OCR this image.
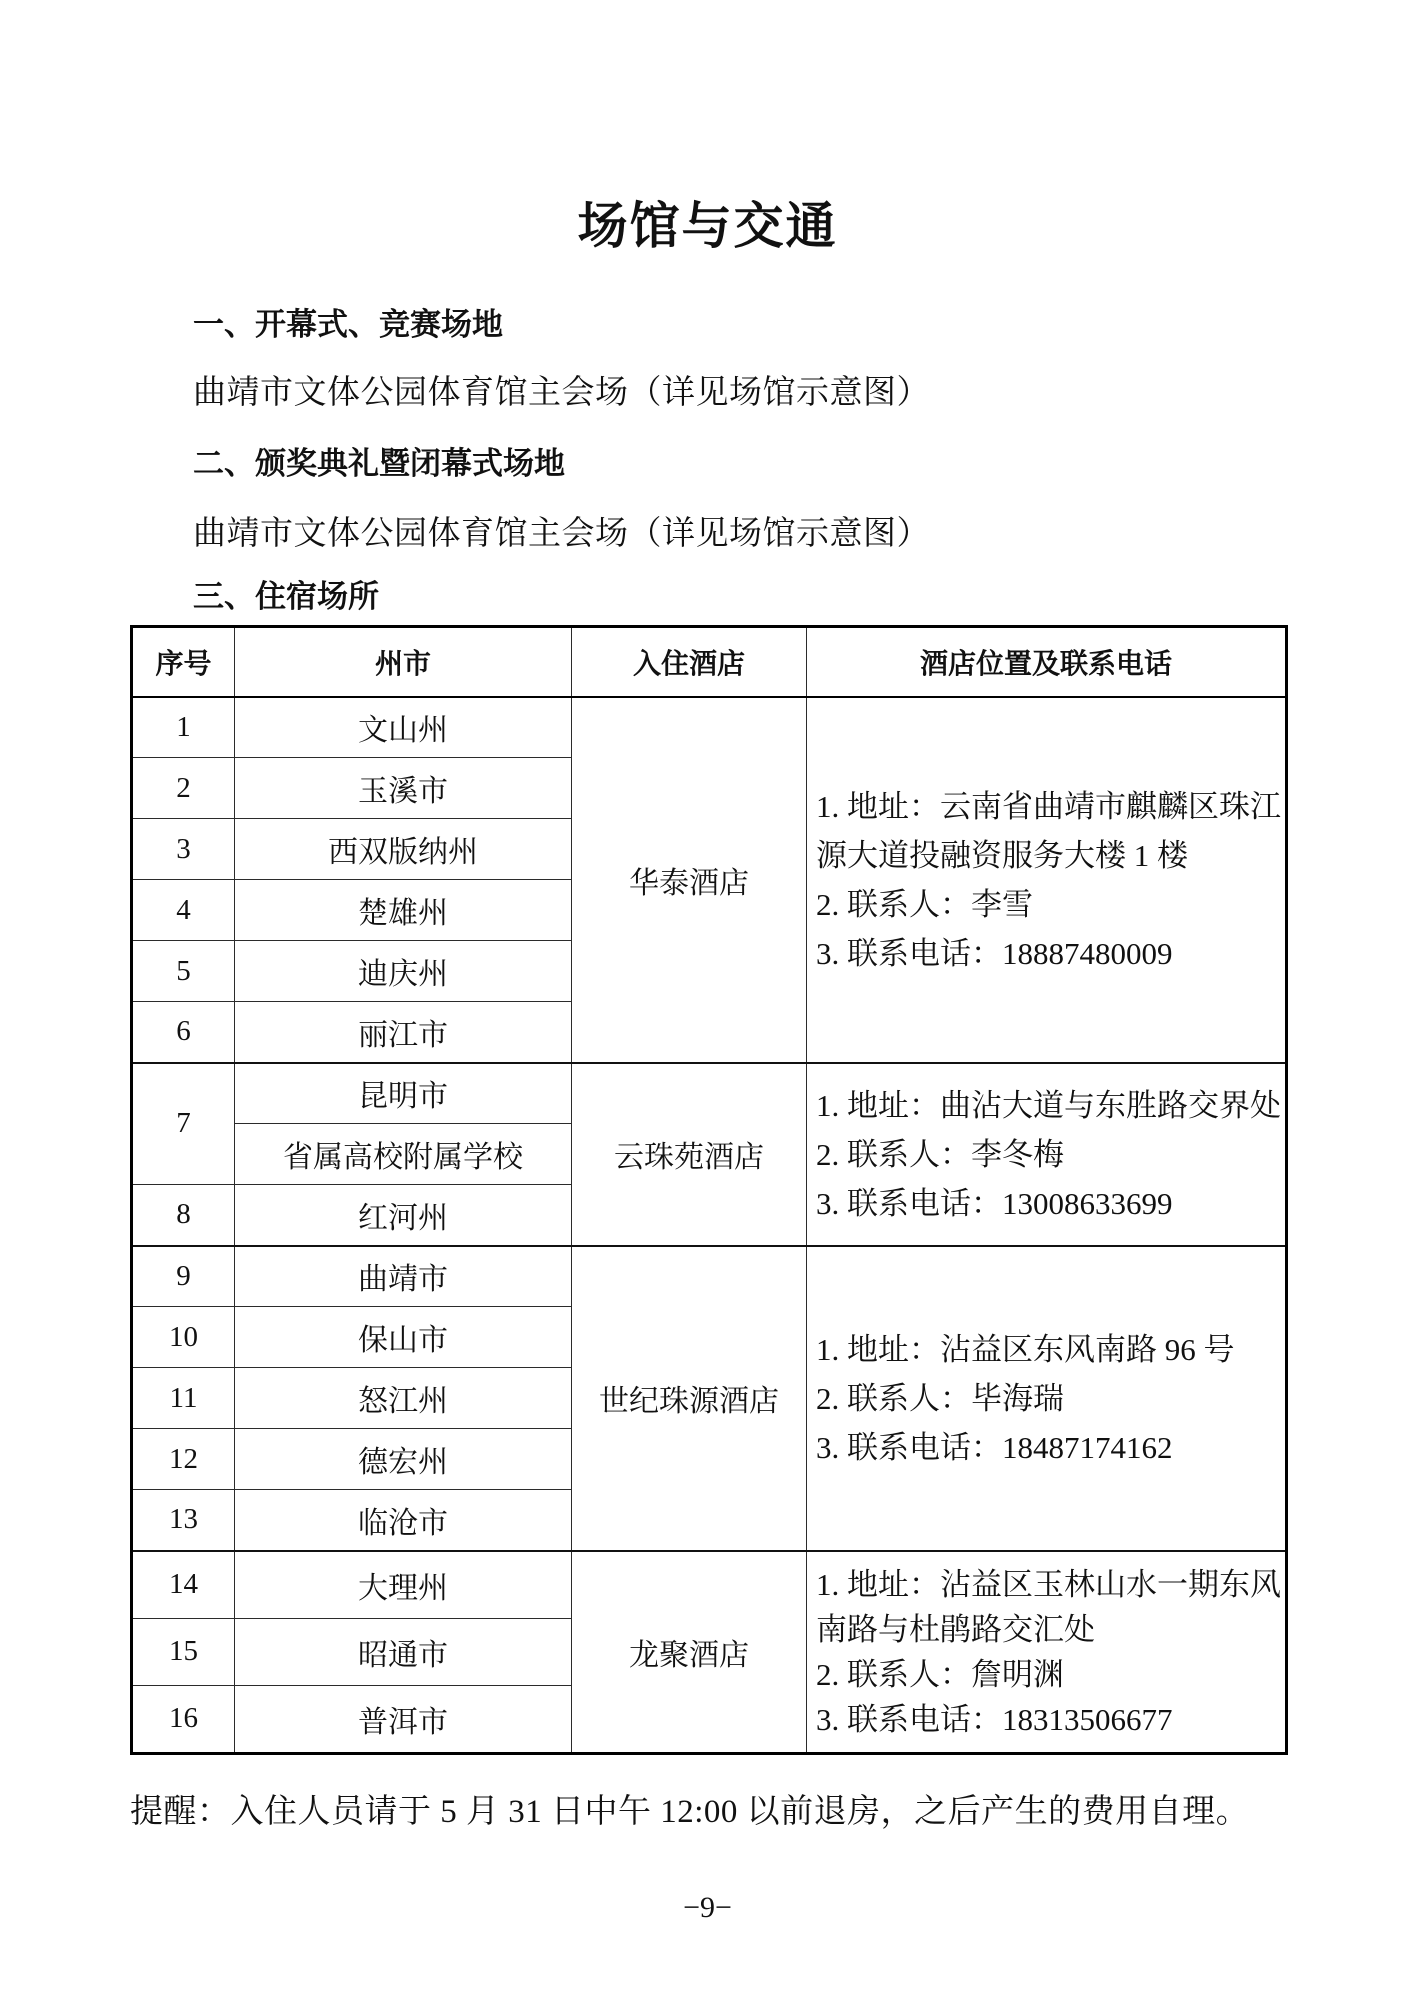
场馆与交通
一、开幕式、竞赛场地
曲靖市文体公园体育馆主会场（详见场馆示意图）
二、颁奖典礼暨闭幕式场地
曲靖市文体公园体育馆主会场（详见场馆示意图）
三、住宿场所
序号	州市	入住酒店	酒店位置及联系电话
1	文山州	华泰酒店	1. 地址：云南省曲靖市麒麟区珠江
源大道投融资服务大楼 1 楼
2. 联系人：李雪
3. 联系电话：18887480009

2	玉溪市		
3	西双版纳州		
4	楚雄州		
5	迪庆州		
6	丽江市		
7	昆明市	云珠苑酒店	1. 地址：曲沾大道与东胜路交界处
2. 联系人：李冬梅
3. 联系电话：13008633699

	省属高校附属学校		
8	红河州		
9	曲靖市	世纪珠源酒店	1. 地址：沾益区东风南路 96 号
2. 联系人：毕海瑞
3. 联系电话：18487174162

10	保山市		
11	怒江州		
12	德宏州		
13	临沧市		
14	大理州	龙聚酒店	1. 地址：沾益区玉林山水一期东风
南路与杜鹃路交汇处
2. 联系人：詹明渊
3. 联系电话：18313506677

15	昭通市		
16	普洱市		
提醒：入住人员请于 5 月 31 日中午 12:00 以前退房，之后产生的费用自理。
−9−
